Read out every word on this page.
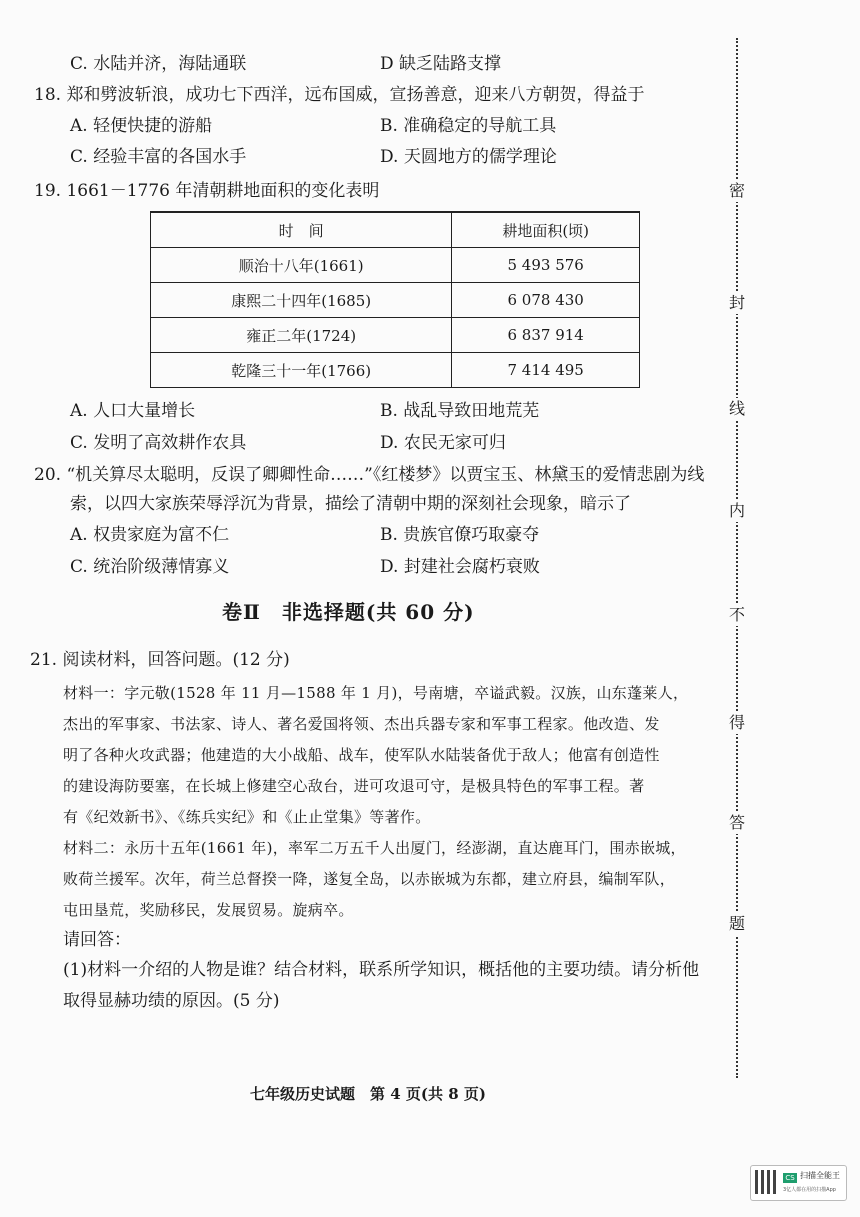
C. 水陆并济，海陆通联	D 缺乏陆路支撑
18. 郑和劈波斩浪，成功七下西洋，远布国威，宣扬善意，迎来八方朝贺，得益于
A. 轻便快捷的游船	B. 准确稳定的导航工具
C. 经验丰富的各国水手	D. 天圆地方的儒学理论
19. 1661－1776 年清朝耕地面积的变化表明
时　间	耕地面积(顷)
顺治十八年(1661)	5 493 576
康熙二十四年(1685)	6 078 430
雍正二年(1724)	6 837 914
乾隆三十一年(1766)	7 414 495
A. 人口大量增长	B. 战乱导致田地荒芜
C. 发明了高效耕作农具	D. 农民无家可归
20. “机关算尽太聪明，反误了卿卿性命……”《红楼梦》以贾宝玉、林黛玉的爱情悲剧为线
索，以四大家族荣辱浮沉为背景，描绘了清朝中期的深刻社会现象，暗示了
A. 权贵家庭为富不仁	B. 贵族官僚巧取豪夺
C. 统治阶级薄情寡义	D. 封建社会腐朽衰败
卷Ⅱ　非选择题(共 60 分)
21. 阅读材料，回答问题。(12 分)
材料一：字元敬(1528 年 11 月—1588 年 1 月)，号南塘，卒谥武毅。汉族，山东蓬莱人，
杰出的军事家、书法家、诗人、著名爱国将领、杰出兵器专家和军事工程家。他改造、发
明了各种火攻武器；他建造的大小战船、战车，使军队水陆装备优于敌人；他富有创造性
的建设海防要塞，在长城上修建空心敌台，进可攻退可守，是极具特色的军事工程。著
有《纪效新书》、《练兵实纪》和《止止堂集》等著作。
材料二：永历十五年(1661 年)，率军二万五千人出厦门，经澎湖，直达鹿耳门，围赤嵌城，
败荷兰援军。次年，荷兰总督揆一降，遂复全岛，以赤嵌城为东都，建立府县，编制军队，
屯田垦荒，奖励移民，发展贸易。旋病卒。
请回答：
(1)材料一介绍的人物是谁？结合材料，联系所学知识，概括他的主要功绩。请分析他
取得显赫功绩的原因。(5 分)
密
封
线
内
不
得
答
题
七年级历史试题　第 4 页(共 8 页)
CS 扫描全能王
3亿人都在用的扫描App
